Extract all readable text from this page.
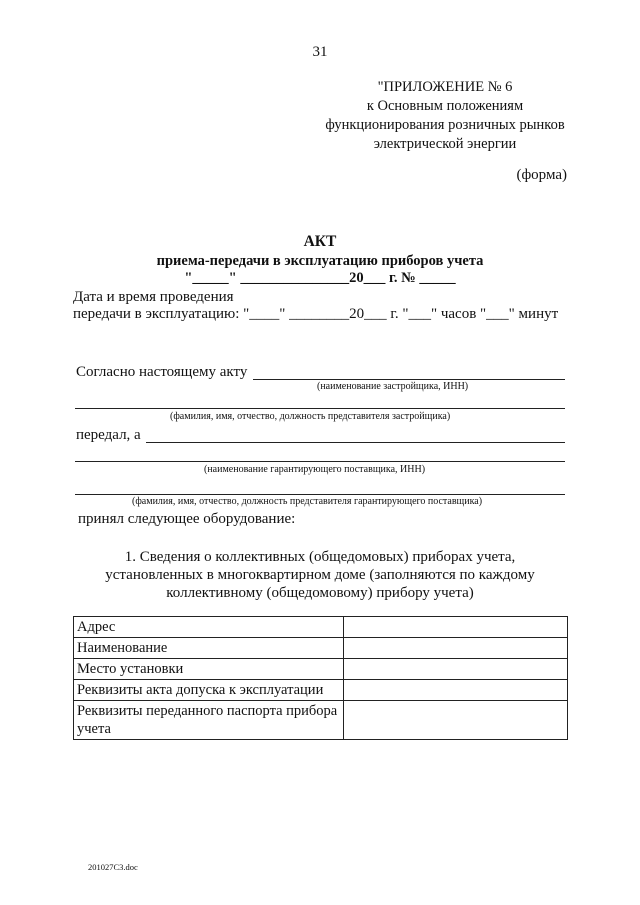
31
"ПРИЛОЖЕНИЕ № 6
к Основным положениям
функционирования розничных рынков
электрической энергии
(форма)
АКТ
приема-передачи в эксплуатацию приборов учета
"_____" _______________20___ г. № _____
Дата и время проведения
передачи в эксплуатацию: "____" ________20___ г. "___" часов "___" минут
Согласно настоящему акту
(наименование застройщика, ИНН)
(фамилия, имя, отчество, должность представителя застройщика)
передал, а
(наименование гарантирующего поставщика, ИНН)
(фамилия, имя, отчество, должность представителя гарантирующего поставщика)
принял следующее оборудование:
1. Сведения о коллективных (общедомовых) приборах учета,
установленных в многоквартирном доме (заполняются по каждому
коллективному (общедомовому) прибору учета)
Адрес	
Наименование	
Место установки	
Реквизиты акта допуска к эксплуатации	
Реквизиты переданного паспорта прибора учета	
201027С3.doc
